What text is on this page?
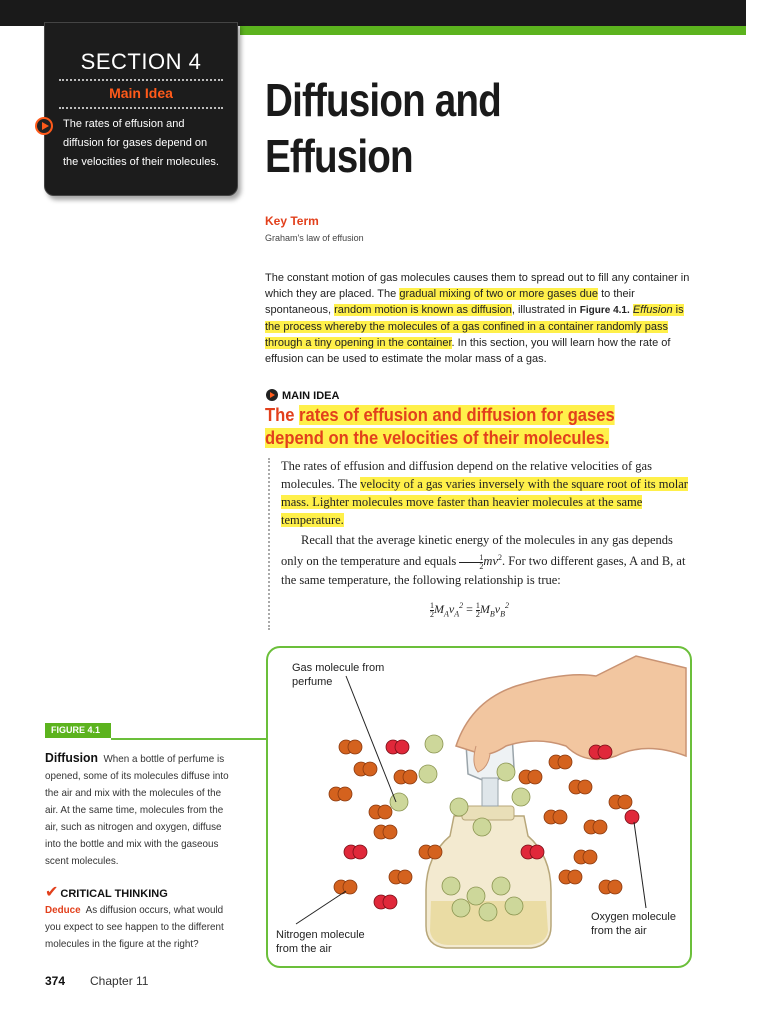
SECTION 4
Main Idea
The rates of effusion and diffusion for gases depend on the velocities of their molecules.
Diffusion and
Effusion
Key Term
Graham's law of effusion
The constant motion of gas molecules causes them to spread out to fill any container in which they are placed. The gradual mixing of two or more gases due to their spontaneous, random motion is known as diffusion, illustrated in Figure 4.1. Effusion is the process whereby the molecules of a gas confined in a container randomly pass through a tiny opening in the container. In this section, you will learn how the rate of effusion can be used to estimate the molar mass of a gas.
MAIN IDEA
The rates of effusion and diffusion for gases depend on the velocities of their molecules.
The rates of effusion and diffusion depend on the relative velocities of gas molecules. The velocity of a gas varies inversely with the square root of its molar mass. Lighter molecules move faster than heavier molecules at the same temperature.
Recall that the average kinetic energy of the molecules in any gas depends only on the temperature and equals $\frac{1}{2} mv^2$. For two different gases, A and B, at the same temperature, the following relationship is true:
$\frac{1}{2} M_Av_A^2 = \frac{1}{2} M_Bv_B^2$
Gas molecule from perfume
Nitrogen molecule from the air
Oxygen molecule from the air
FIGURE 4.1
Diffusion When a bottle of perfume is opened, some of its molecules diffuse into the air and mix with the molecules of the air. At the same time, molecules from the air, such as nitrogen and oxygen, diffuse into the bottle and mix with the gaseous scent molecules.
✔ CRITICAL THINKING
Deduce As diffusion occurs, what would you expect to see happen to the different molecules in the figure at the right?
374 Chapter 11
